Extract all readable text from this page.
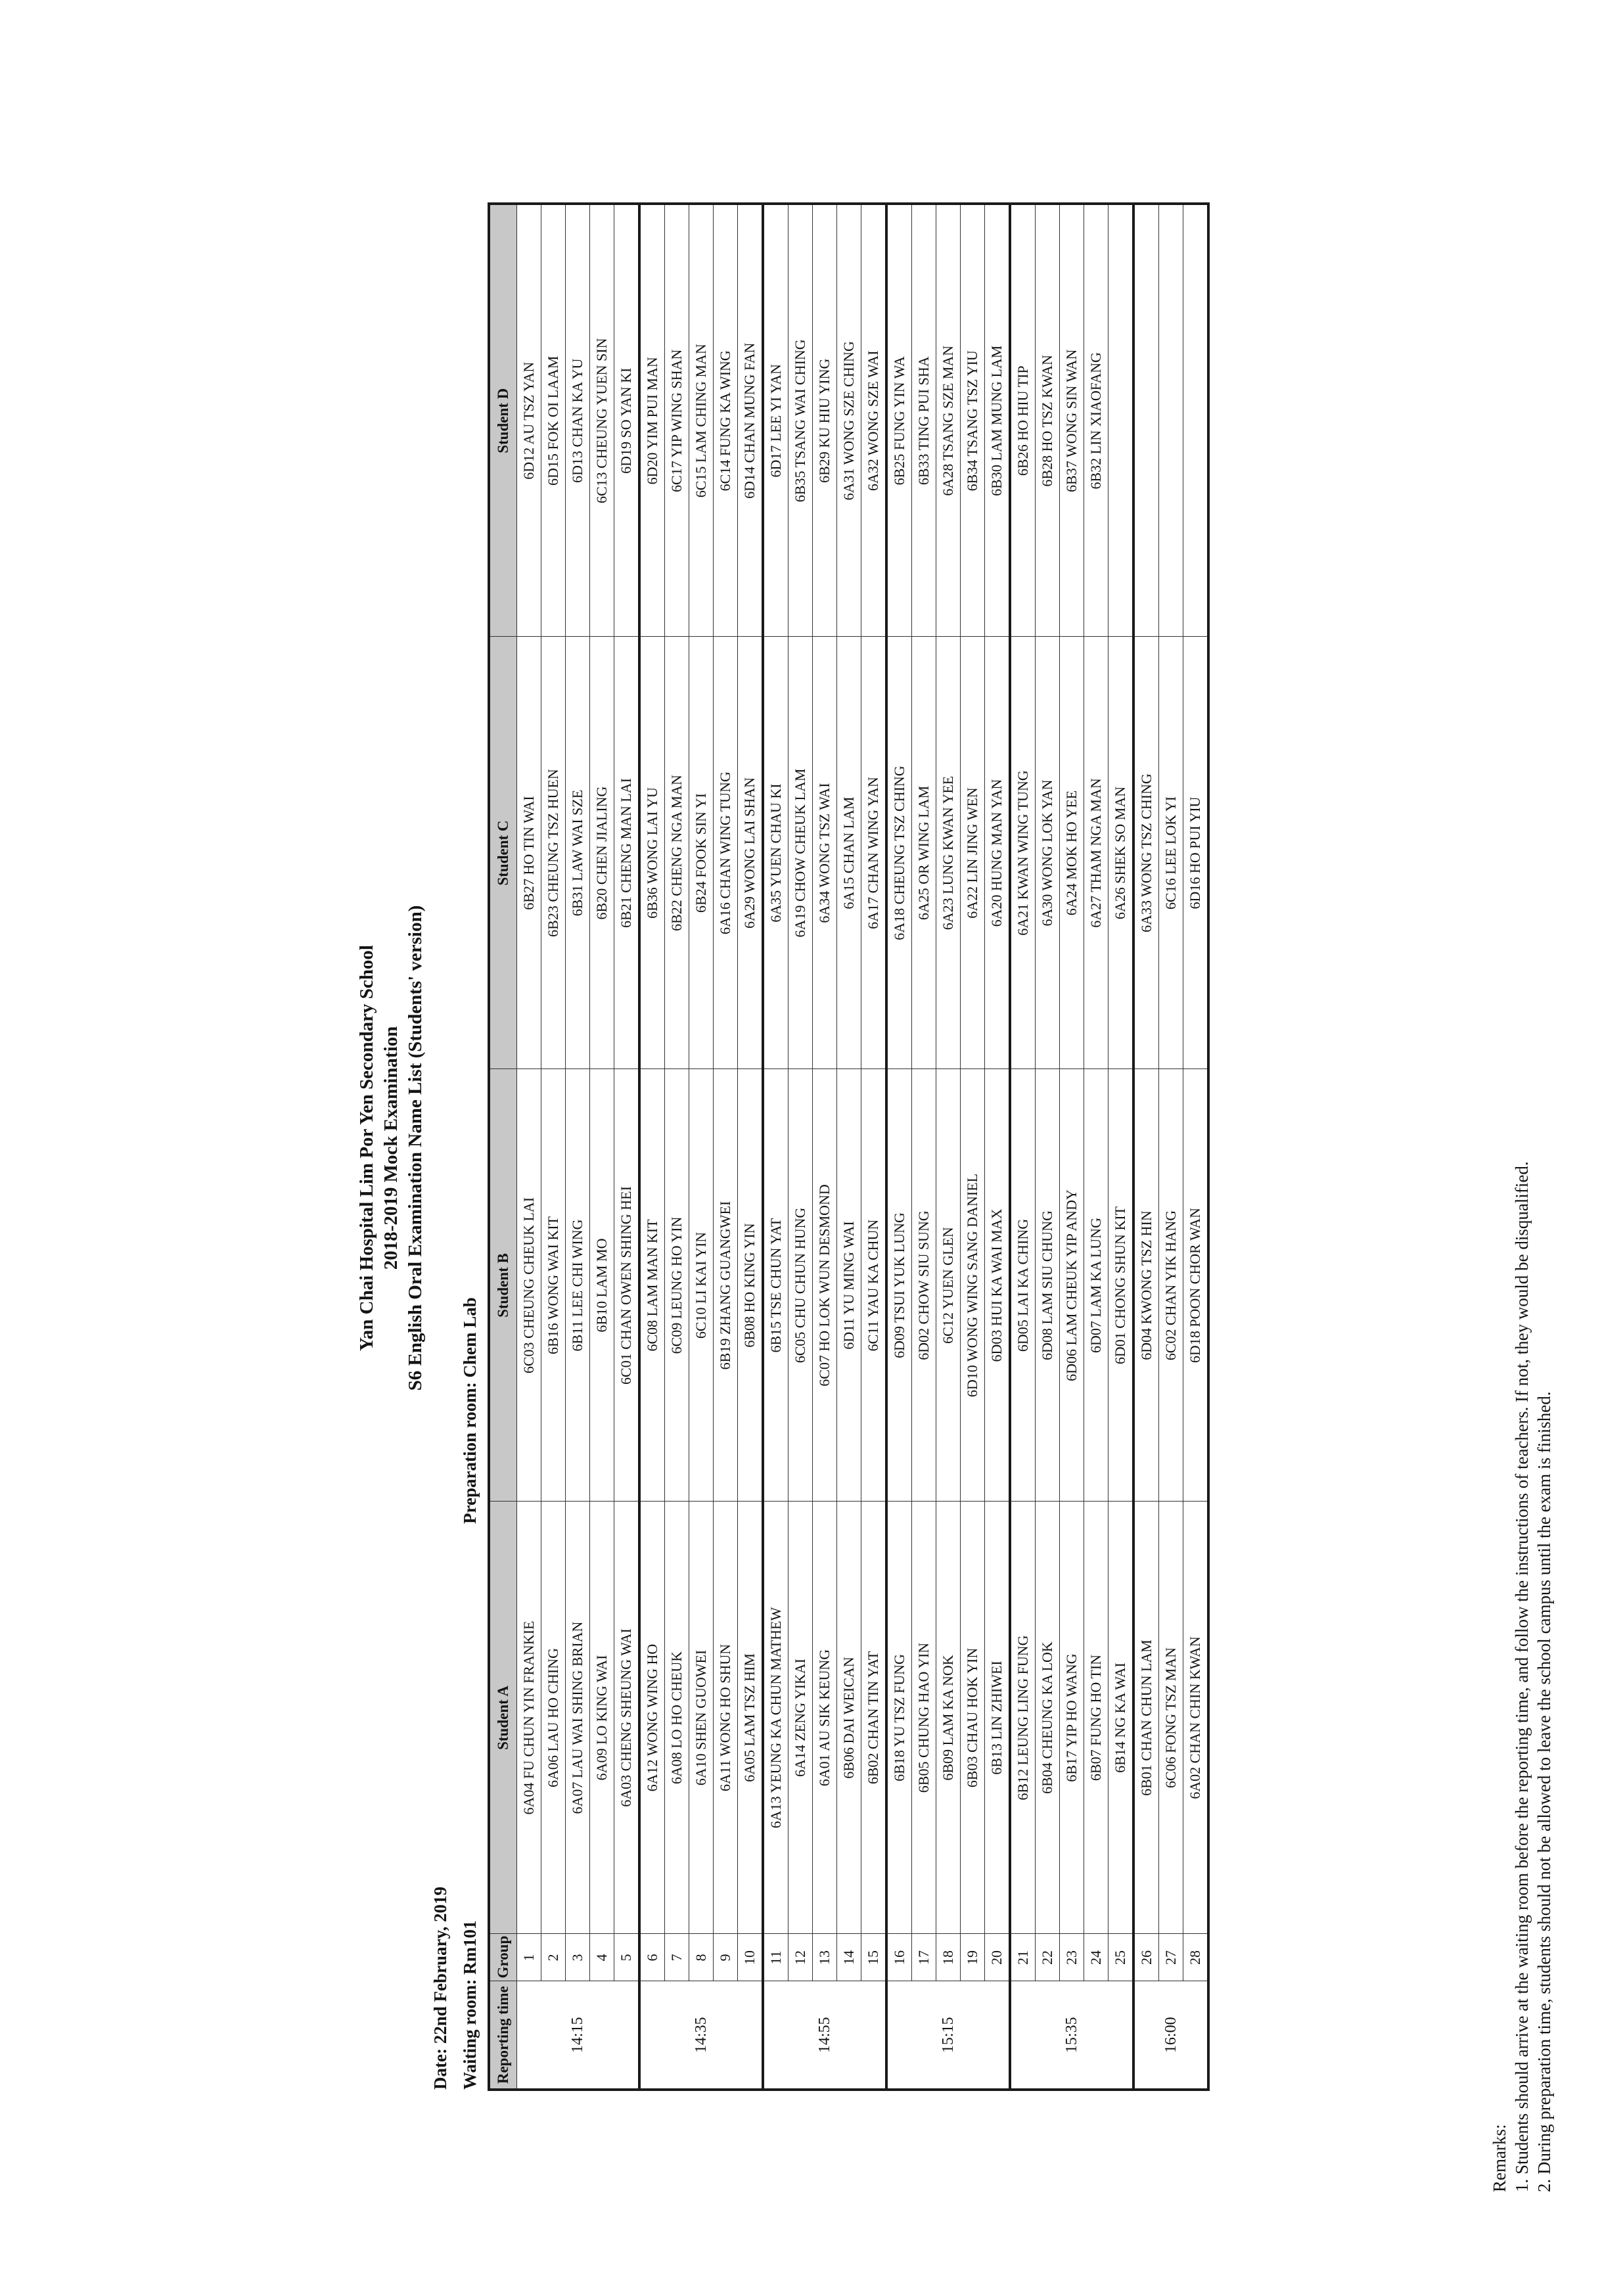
Yan Chai Hospital Lim Por Yen Secondary School 2018-2019 Mock Examination S6 English Oral Examination Name List (Students' version)
Date: 22nd February, 2019 Waiting room: Rm101
Preparation room: Chem Lab
Reporting time	Group	Student A	Student B	Student C	Student D
14:15	1	6A04 FU CHUN YIN FRANKIE	6C03 CHEUNG CHEUK LAI	6B27 HO TIN WAI	6D12 AU TSZ YAN
	2	6A06 LAU HO CHING	6B16 WONG WAI KIT	6B23 CHEUNG TSZ HUEN	6D15 FOK OI LAAM
	3	6A07 LAU WAI SHING BRIAN	6B11 LEE CHI WING	6B31 LAW WAI SZE	6D13 CHAN KA YU
	4	6A09 LO KING WAI	6B10 LAM MO	6B20 CHEN JIALING	6C13 CHEUNG YUEN SIN
	5	6A03 CHENG SHEUNG WAI	6C01 CHAN OWEN SHING HEI	6B21 CHENG MAN LAI	6D19 SO YAN KI
14:35	6	6A12 WONG WING HO	6C08 LAM MAN KIT	6B36 WONG LAI YU	6D20 YIM PUI MAN
	7	6A08 LO HO CHEUK	6C09 LEUNG HO YIN	6B22 CHENG NGA MAN	6C17 YIP WING SHAN
	8	6A10 SHEN GUOWEI	6C10 LI KAI YIN	6B24 FOOK SIN YI	6C15 LAM CHING MAN
	9	6A11 WONG HO SHUN	6B19 ZHANG GUANGWEI	6A16 CHAN WING TUNG	6C14 FUNG KA WING
	10	6A05 LAM TSZ HIM	6B08 HO KING YIN	6A29 WONG LAI SHAN	6D14 CHAN MUNG FAN
14:55	11	6A13 YEUNG KA CHUN MATHEW	6B15 TSE CHUN YAT	6A35 YUEN CHAU KI	6D17 LEE YI YAN
	12	6A14 ZENG YIKAI	6C05 CHU CHUN HUNG	6A19 CHOW CHEUK LAM	6B35 TSANG WAI CHING
	13	6A01 AU SIK KEUNG	6C07 HO LOK WUN DESMOND	6A34 WONG TSZ WAI	6B29 KU HIU YING
	14	6B06 DAI WEICAN	6D11 YU MING WAI	6A15 CHAN LAM	6A31 WONG SZE CHING
	15	6B02 CHAN TIN YAT	6C11 YAU KA CHUN	6A17 CHAN WING YAN	6A32 WONG SZE WAI
15:15	16	6B18 YU TSZ FUNG	6D09 TSUI YUK LUNG	6A18 CHEUNG TSZ CHING	6B25 FUNG YIN WA
	17	6B05 CHUNG HAO YIN	6D02 CHOW SIU SUNG	6A25 OR WING LAM	6B33 TING PUI SHA
	18	6B09 LAM KA NOK	6C12 YUEN GLEN	6A23 LUNG KWAN YEE	6A28 TSANG SZE MAN
	19	6B03 CHAU HOK YIN	6D10 WONG WING SANG DANIEL	6A22 LIN JING WEN	6B34 TSANG TSZ YIU
	20	6B13 LIN ZHIWEI	6D03 HUI KA WAI MAX	6A20 HUNG MAN YAN	6B30 LAM MUNG LAM
15:35	21	6B12 LEUNG LING FUNG	6D05 LAI KA CHING	6A21 KWAN WING TUNG	6B26 HO HIU TIP
	22	6B04 CHEUNG KA LOK	6D08 LAM SIU CHUNG	6A30 WONG LOK YAN	6B28 HO TSZ KWAN
	23	6B17 YIP HO WANG	6D06 LAM CHEUK YIP ANDY	6A24 MOK HO YEE	6B37 WONG SIN WAN
	24	6B07 FUNG HO TIN	6D07 LAM KA LUNG	6A27 THAM NGA MAN	6B32 LIN XIAOFANG
	25	6B14 NG KA WAI	6D01 CHONG SHUN KIT	6A26 SHEK SO MAN	
16:00	26	6B01 CHAN CHUN LAM	6D04 KWONG TSZ HIN	6A33 WONG TSZ CHING	
	27	6C06 FONG TSZ MAN	6C02 CHAN YIK HANG	6C16 LEE LOK YI	
	28	6A02 CHAN CHIN KWAN	6D18 POON CHOR WAN	6D16 HO PUI YIU	
Remarks: 1. Students should arrive at the waiting room before the reporting time, and follow the instructions of teachers. If not, they would be disqualified. 2. During preparation time, students should not be allowed to leave the school campus until the exam is finished.
